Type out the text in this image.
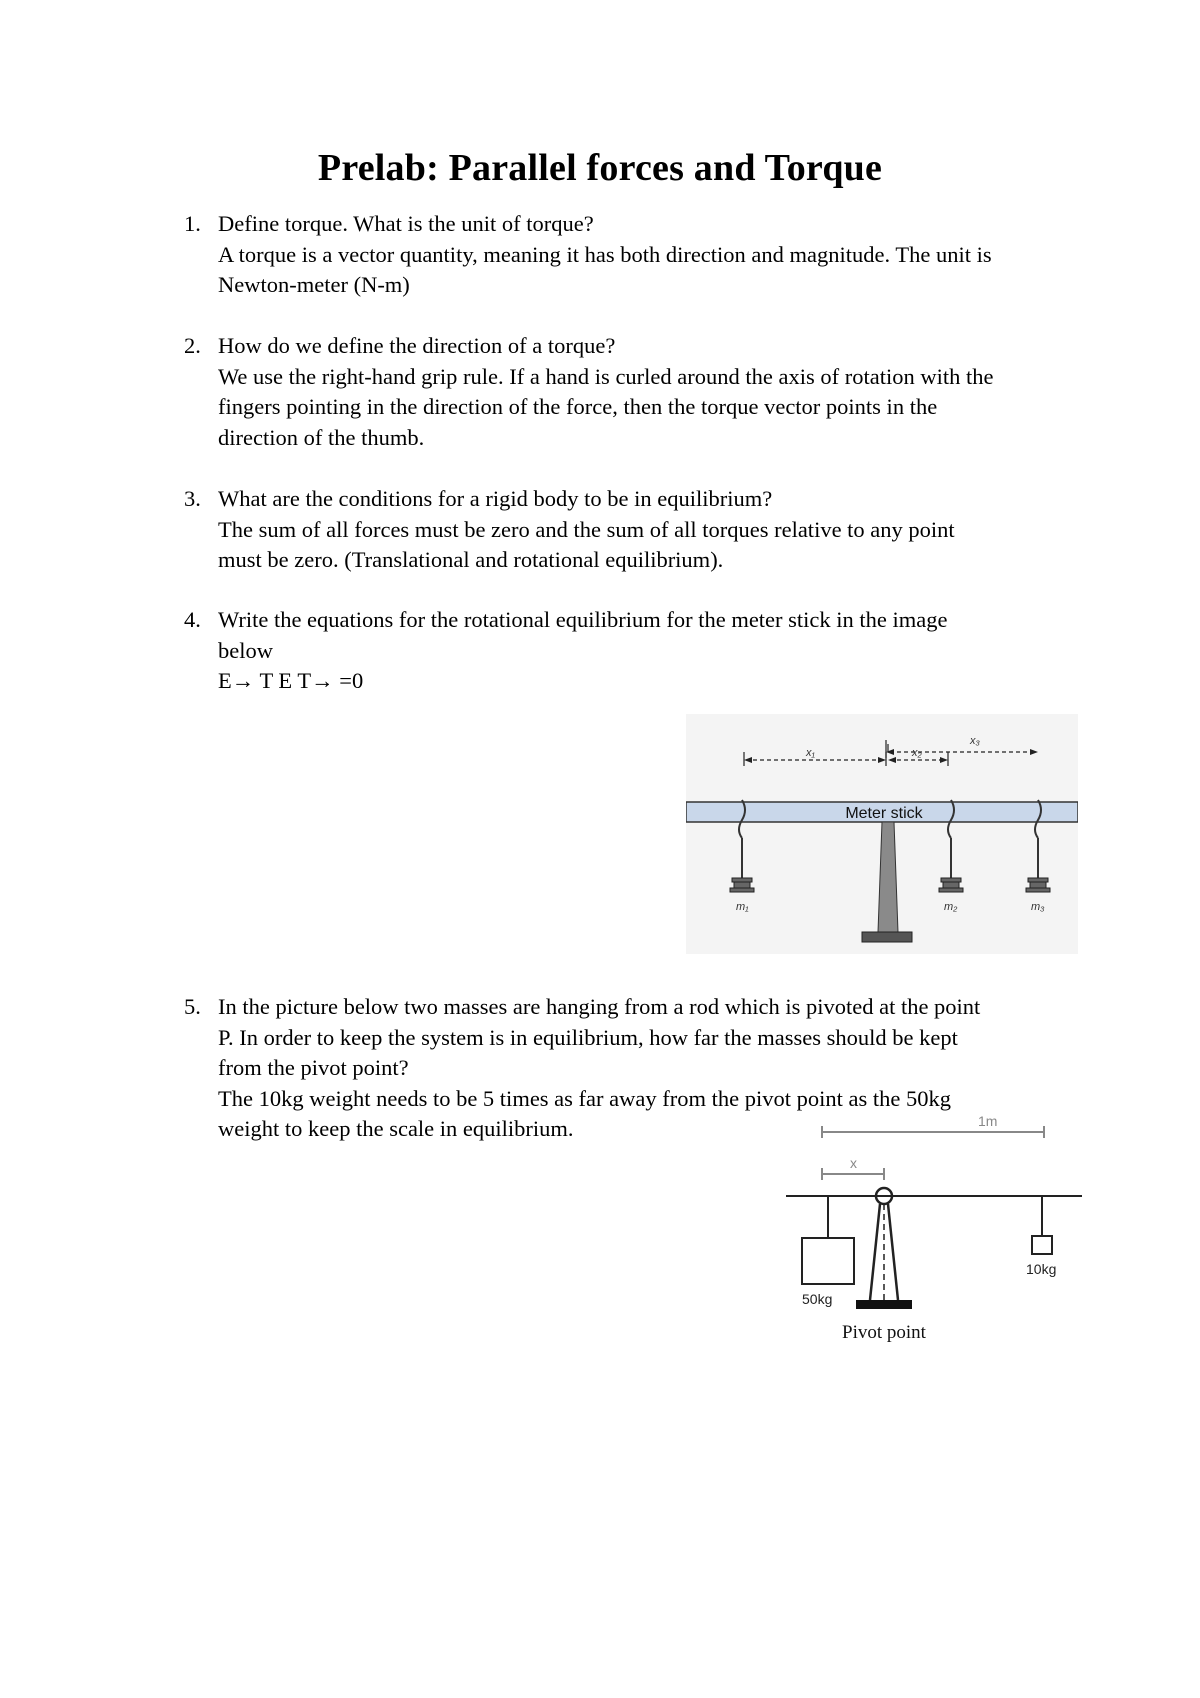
Prelab: Parallel forces and Torque
1. Define torque. What is the unit of torque?
A torque is a vector quantity, meaning it has both direction and magnitude. The unit is
Newton-meter (N-m)
2. How do we define the direction of a torque?
We use the right-hand grip rule. If a hand is curled around the axis of rotation with the
fingers pointing in the direction of the force, then the torque vector points in the
direction of the thumb.
3. What are the conditions for a rigid body to be in equilibrium?
The sum of all forces must be zero and the sum of all torques relative to any point
must be zero. (Translational and rotational equilibrium).
4. Write the equations for the rotational equilibrium for the meter stick in the image
below
E→ T E T→ =0
x₁	x₂
x₃
Meter stick
m₁	m₂	m₃
5. In the picture below two masses are hanging from a rod which is pivoted at the point
P. In order to keep the system is in equilibrium, how far the masses should be kept
from the pivot point?
The 10kg weight needs to be 5 times as far away from the pivot point as the 50kg
weight to keep the scale in equilibrium.	1m
x
50kg
10kg
Pivot point
